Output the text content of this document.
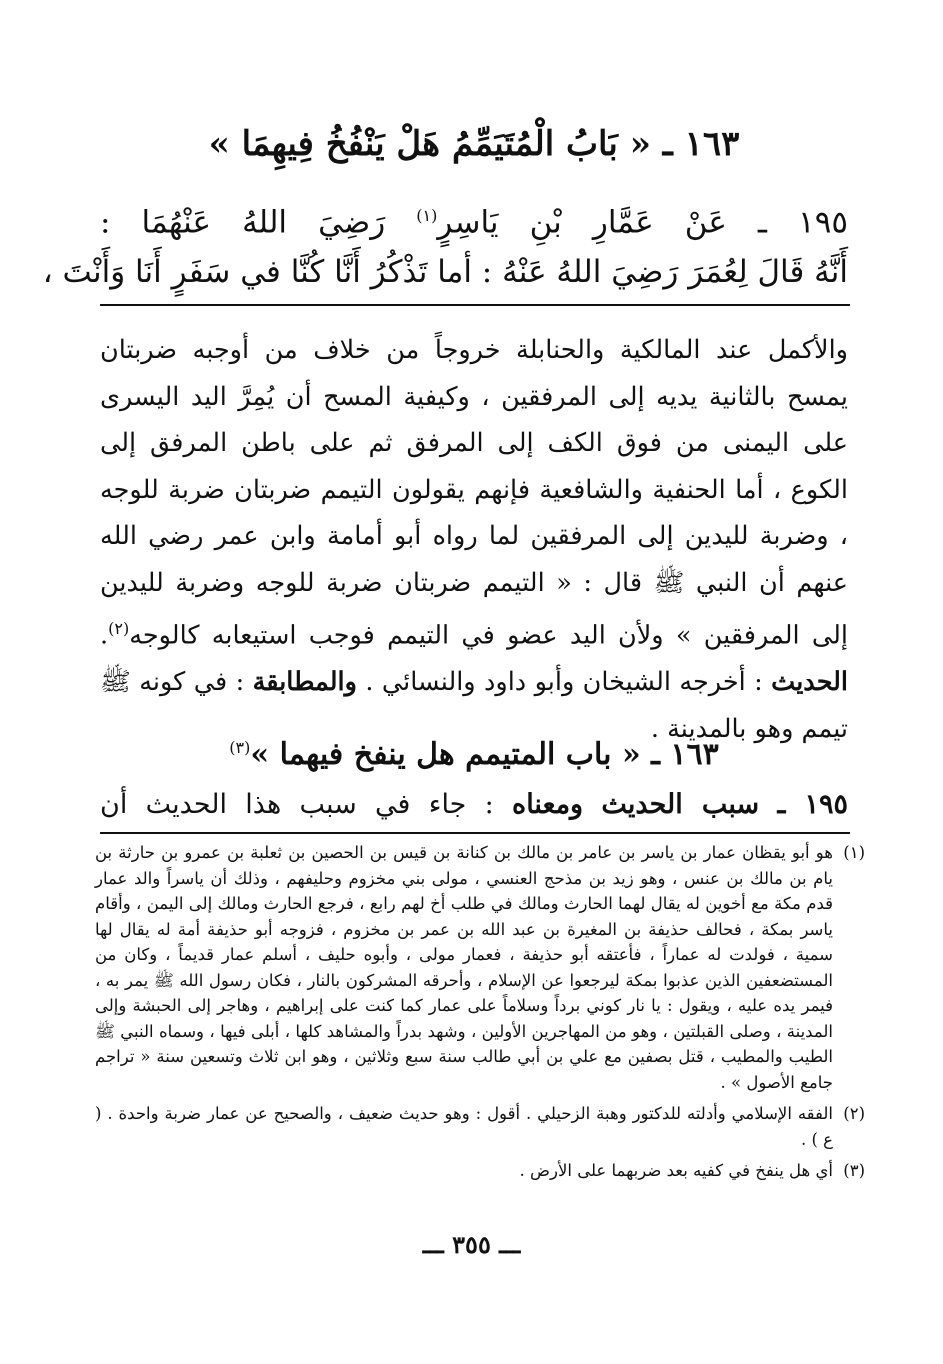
١٦٣ ـ « بَابُ الْمُتَيَمِّمُ هَلْ يَنْفُخُ فِيهِمَا »
١٩٥ ـ عَنْ عَمَّارِ بْنِ يَاسِرٍ$^{(١)}$ رَضِيَ اللهُ عَنْهُمَا :
أَنَّهُ قَالَ لِعُمَرَ رَضِيَ اللهُ عَنْهُ : أما تَذْكُرُ أَنَّا كُنَّا في سَفَرٍ أَنَا وَأَنْتَ ،

والأكمل عند المالكية والحنابلة خروجاً من خلاف من أوجبه ضربتان يمسح بالثانية يديه إلى المرفقين ، وكيفية المسح أن يُمِرَّ اليد اليسرى على اليمنى من فوق الكف إلى المرفق ثم على باطن المرفق إلى الكوع ، أما الحنفية والشافعية فإنهم يقولون التيمم ضربتان ضربة للوجه ، وضربة لليدين إلى المرفقين لما رواه أبو أمامة وابن عمر رضي الله عنهم أن النبي ﷺ قال : « التيمم ضربتان ضربة للوجه وضربة لليدين إلى المرفقين » ولأن اليد عضو في التيمم فوجب استيعابه كالوجه$^{(٢)}$. الحديث : أخرجه الشيخان وأبو داود والنسائي . والمطابقة : في كونه ﷺ تيمم وهو بالمدينة .

١٦٣ ـ « باب المتيمم هل ينفخ فيهما »$^{(٣)}$
١٩٥ ـ سبب الحديث ومعناه : جاء في سبب هذا الحديث أن
(١)
هو أبو يقظان عمار بن ياسر بن عامر بن مالك بن كنانة بن قيس بن الحصين بن ثعلبة بن عمرو بن حارثة بن يام بن مالك بن عنس ، وهو زيد بن مذحج العنسي ، مولى بني مخزوم وحليفهم ، وذلك أن ياسراً والد عمار قدم مكة مع أخوين له يقال لهما الحارث ومالك في طلب أخ لهم رابع ، فرجع الحارث ومالك إلى اليمن ، وأقام ياسر بمكة ، فحالف حذيفة بن المغيرة بن عبد الله بن عمر بن مخزوم ، فزوجه أبو حذيفة أمة له يقال لها سمية ، فولدت له عماراً ، فأعتقه أبو حذيفة ، فعمار مولى ، وأبوه حليف ، أسلم عمار قديماً ، وكان من المستضعفين الذين عذبوا بمكة ليرجعوا عن الإسلام ، وأحرقه المشركون بالنار ، فكان رسول الله ﷺ يمر به ، فيمر يده عليه ، ويقول : يا نار كوني برداً وسلاماً على عمار كما كنت على إبراهيم ، وهاجر إلى الحبشة وإلى المدينة ، وصلى القبلتين ، وهو من المهاجرين الأولين ، وشهد بدراً والمشاهد كلها ، أبلى فيها ، وسماه النبي ﷺ الطيب والمطيب ، قتل بصفين مع علي بن أبي طالب سنة سبع وثلاثين ، وهو ابن ثلاث وتسعين سنة « تراجم جامع الأصول » .
(٢)
الفقه الإسلامي وأدلته للدكتور وهبة الزحيلي . أقول : وهو حديث ضعيف ، والصحيح عن عمار ضربة واحدة . ( ع ) .
(٣)
أي هل ينفخ في كفيه بعد ضربهما على الأرض .
ـــ ٣٥٥ ـــ
